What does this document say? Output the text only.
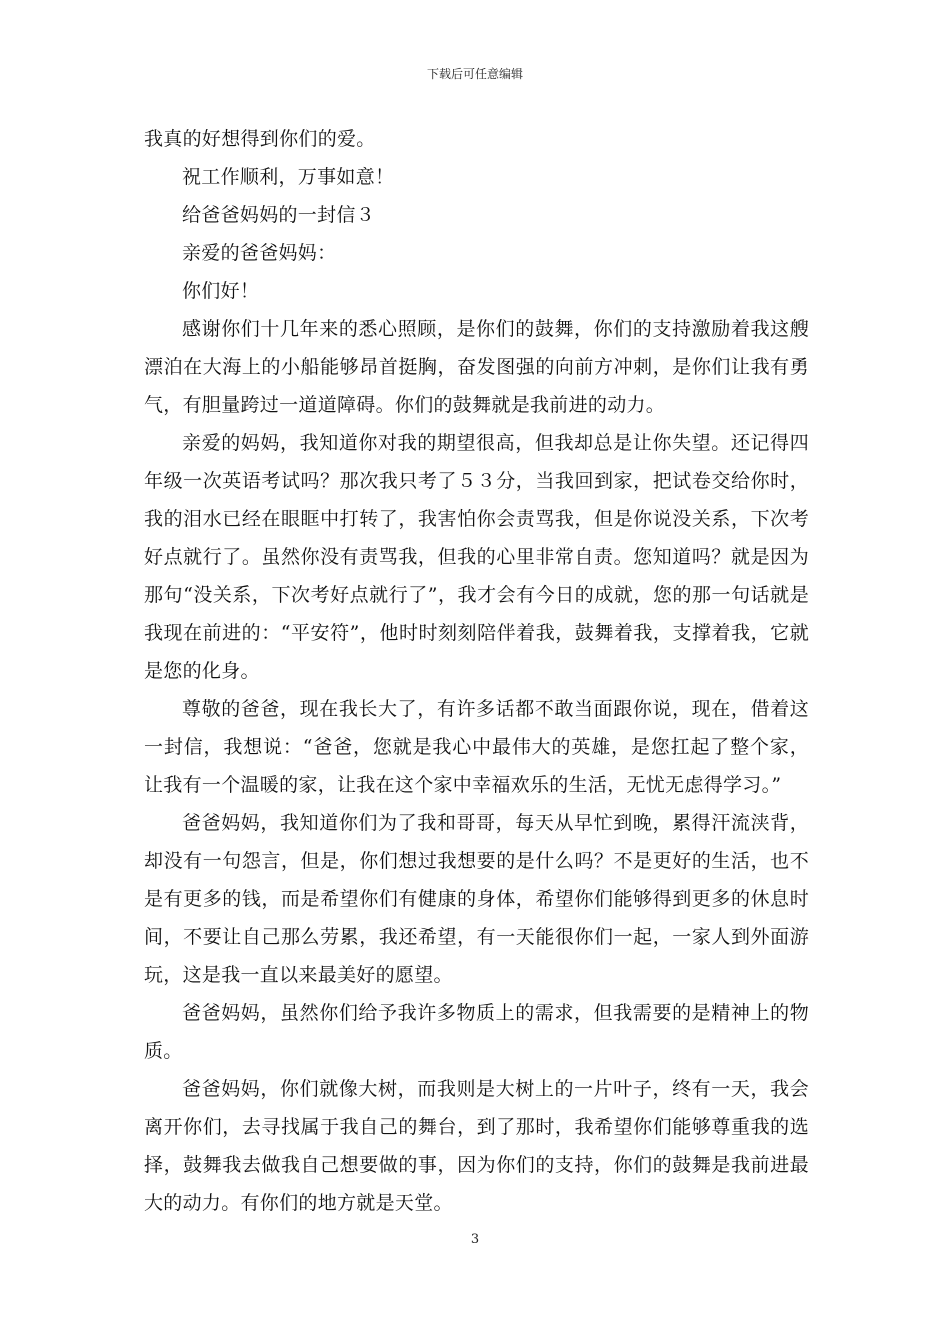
下载后可任意编辑

我真的好想得到你们的爱。

祝工作顺利，万事如意！

给爸爸妈妈的一封信３

亲爱的爸爸妈妈：

你们好！

感谢你们十几年来的悉心照顾，是你们的鼓舞，你们的支持激励着我这艘漂泊在大海上的小船能够昂首挺胸，奋发图强的向前方冲刺，是你们让我有勇气，有胆量跨过一道道障碍。你们的鼓舞就是我前进的动力。

亲爱的妈妈，我知道你对我的期望很高，但我却总是让你失望。还记得四年级一次英语考试吗？那次我只考了５３分，当我回到家，把试卷交给你时，我的泪水已经在眼眶中打转了，我害怕你会责骂我，但是你说没关系，下次考好点就行了。虽然你没有责骂我，但我的心里非常自责。您知道吗？就是因为那句“没关系，下次考好点就行了”，我才会有今日的成就，您的那一句话就是我现在前进的：“平安符”，他时时刻刻陪伴着我，鼓舞着我，支撑着我，它就是您的化身。

尊敬的爸爸，现在我长大了，有许多话都不敢当面跟你说，现在，借着这一封信，我想说：“爸爸，您就是我心中最伟大的英雄，是您扛起了整个家，让我有一个温暖的家，让我在这个家中幸福欢乐的生活，无忧无虑得学习。”

爸爸妈妈，我知道你们为了我和哥哥，每天从早忙到晚，累得汗流浃背，却没有一句怨言，但是，你们想过我想要的是什么吗？不是更好的生活，也不是有更多的钱，而是希望你们有健康的身体，希望你们能够得到更多的休息时间，不要让自己那么劳累，我还希望，有一天能很你们一起，一家人到外面游玩，这是我一直以来最美好的愿望。

爸爸妈妈，虽然你们给予我许多物质上的需求，但我需要的是精神上的物质。

爸爸妈妈，你们就像大树，而我则是大树上的一片叶子，终有一天，我会离开你们，去寻找属于我自己的舞台，到了那时，我希望你们能够尊重我的选择，鼓舞我去做我自己想要做的事，因为你们的支持，你们的鼓舞是我前进最大的动力。有你们的地方就是天堂。

3
